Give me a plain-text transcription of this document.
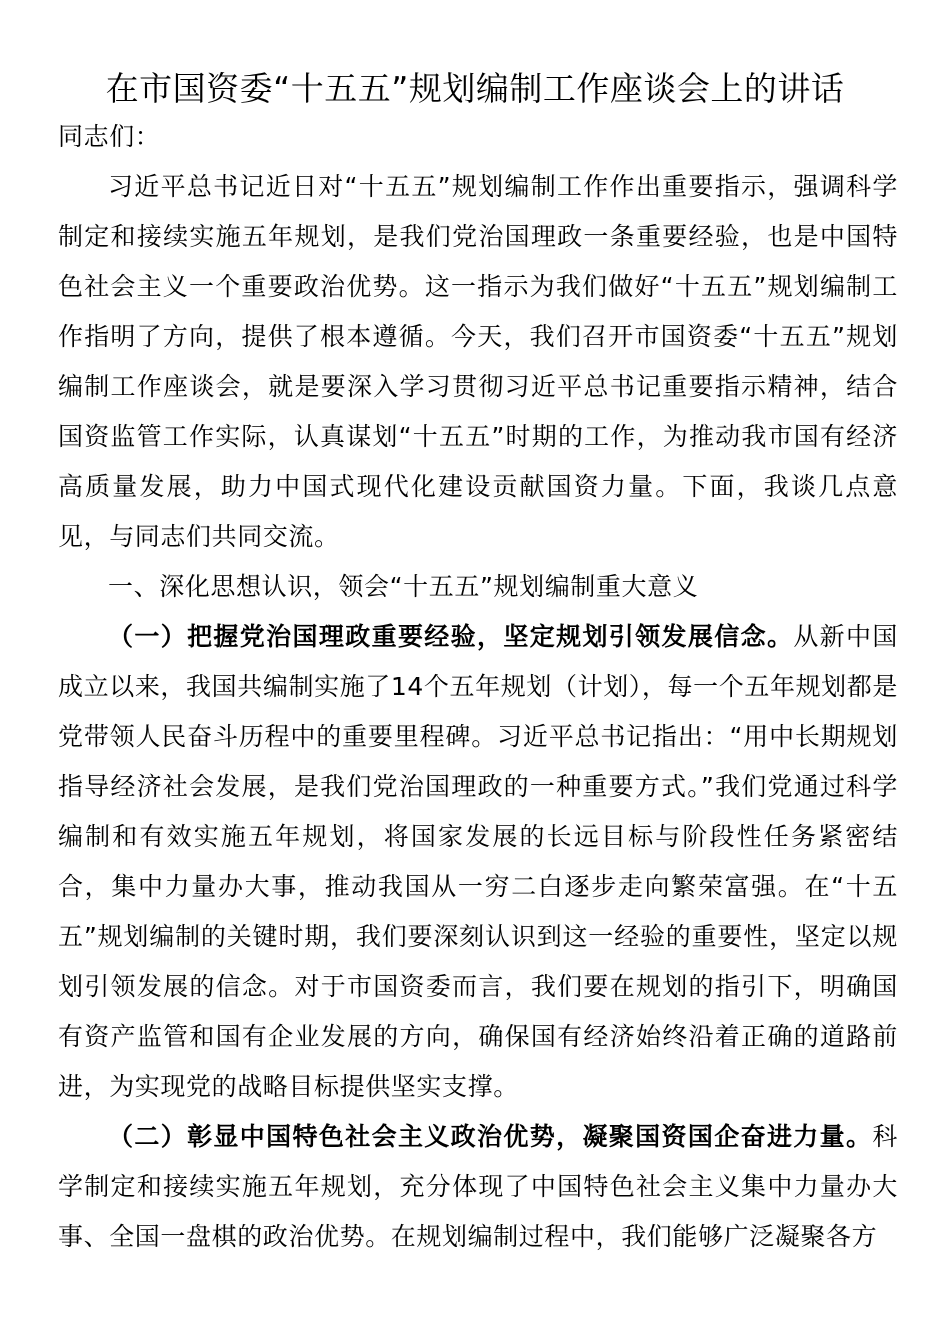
在市国资委“十五五”规划编制工作座谈会上的讲话

同志们：

习近平总书记近日对“十五五”规划编制工作作出重要指示，强调科学制定和接续实施五年规划，是我们党治国理政一条重要经验，也是中国特色社会主义一个重要政治优势。这一指示为我们做好“十五五”规划编制工作指明了方向，提供了根本遵循。今天，我们召开市国资委“十五五”规划编制工作座谈会，就是要深入学习贯彻习近平总书记重要指示精神，结合国资监管工作实际，认真谋划“十五五”时期的工作，为推动我市国有经济高质量发展，助力中国式现代化建设贡献国资力量。下面，我谈几点意见，与同志们共同交流。

一、深化思想认识，领会“十五五”规划编制重大意义

（一）把握党治国理政重要经验，坚定规划引领发展信念。从新中国成立以来，我国共编制实施了14个五年规划（计划），每一个五年规划都是党带领人民奋斗历程中的重要里程碑。习近平总书记指出：“用中长期规划指导经济社会发展，是我们党治国理政的一种重要方式。”我们党通过科学编制和有效实施五年规划，将国家发展的长远目标与阶段性任务紧密结合，集中力量办大事，推动我国从一穷二白逐步走向繁荣富强。在“十五五”规划编制的关键时期，我们要深刻认识到这一经验的重要性，坚定以规划引领发展的信念。对于市国资委而言，我们要在规划的指引下，明确国有资产监管和国有企业发展的方向，确保国有经济始终沿着正确的道路前进，为实现党的战略目标提供坚实支撑。

（二）彰显中国特色社会主义政治优势，凝聚国资国企奋进力量。科学制定和接续实施五年规划，充分体现了中国特色社会主义集中力量办大事、全国一盘棋的政治优势。在规划编制过程中，我们能够广泛凝聚各方
